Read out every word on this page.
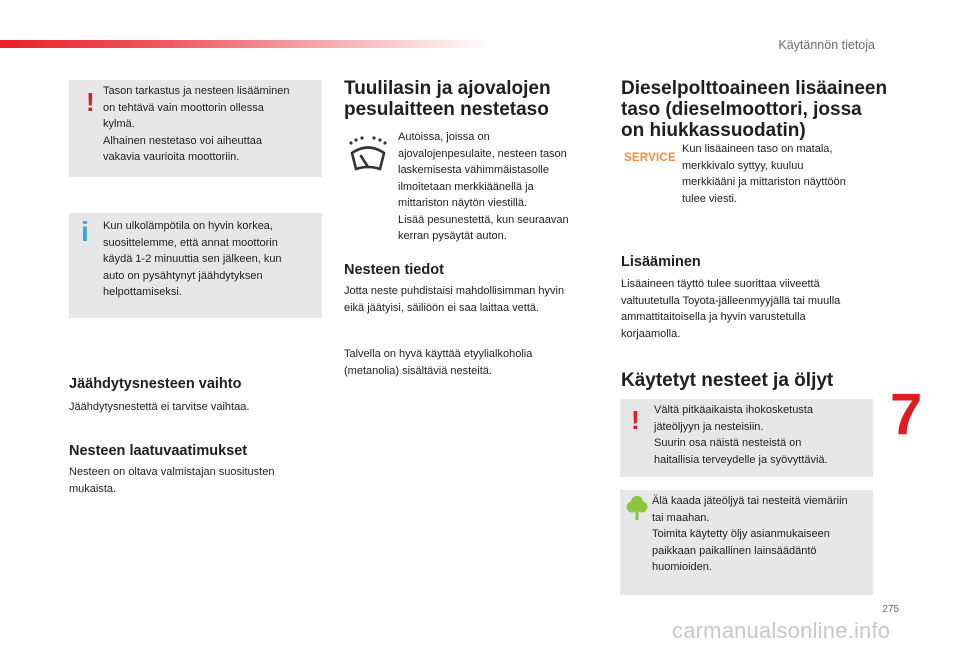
Käytännön tietoja
! Tason tarkastus ja nesteen lisääminen
on tehtävä vain moottorin ollessa
kylmä.
Alhainen nestetaso voi aiheuttaa
vakavia vaurioita moottoriin.
i Kun ulkolämpötila on hyvin korkea,
suosittelemme, että annat moottorin
käydä 1-2 minuuttia sen jälkeen, kun
auto on pysähtynyt jäähdytyksen
helpottamiseksi.
Jäähdytysnesteen vaihto

Jäähdytysnestettä ei tarvitse vaihtaa.

Nesteen laatuvaatimukset

Nesteen on oltava valmistajan suositusten
mukaista.

Tuulilasin ja ajovalojen
pesulaitteen nestetaso

Autoissa, joissa on
ajovalojenpesulaite, nesteen tason
laskemisesta vähimmäistasolle
ilmoitetaan merkkiäänellä ja
mittariston näytön viestillä.
Lisää pesunestettä, kun seuraavan
kerran pysäytät auton.

Nesteen tiedot

Jotta neste puhdistaisi mahdollisimman hyvin
eikä jäätyisi, säiliöön ei saa laittaa vettä.

Talvella on hyvä käyttää etyylialkoholia
(metanolia) sisältäviä nesteitä.

Dieselpolttoaineen lisäaineen
taso (dieselmoottori, jossa
on hiukkassuodatin)
SERVICE

Kun lisäaineen taso on matala,
merkkivalo syttyy, kuuluu
merkkiääni ja mittariston näyttöön
tulee viesti.

Lisääminen

Lisäaineen täyttö tulee suorittaa viiveettä
valtuutetulla Toyota-jälleenmyyjällä tai muulla
ammattitaitoisella ja hyvin varustetulla
korjaamolla.

Käytetyt nesteet ja öljyt
! Vältä pitkäaikaista ihokosketusta
jäteöljyyn ja nesteisiin.
Suurin osa näistä nesteistä on
haitallisia terveydelle ja syövyttäviä.
Älä kaada jäteöljyä tai nesteitä viemäriin
tai maahan.
Toimita käytetty öljy asianmukaiseen
paikkaan paikallinen lainsäädäntö
huomioiden.
7
275
carmanualsonline.info
